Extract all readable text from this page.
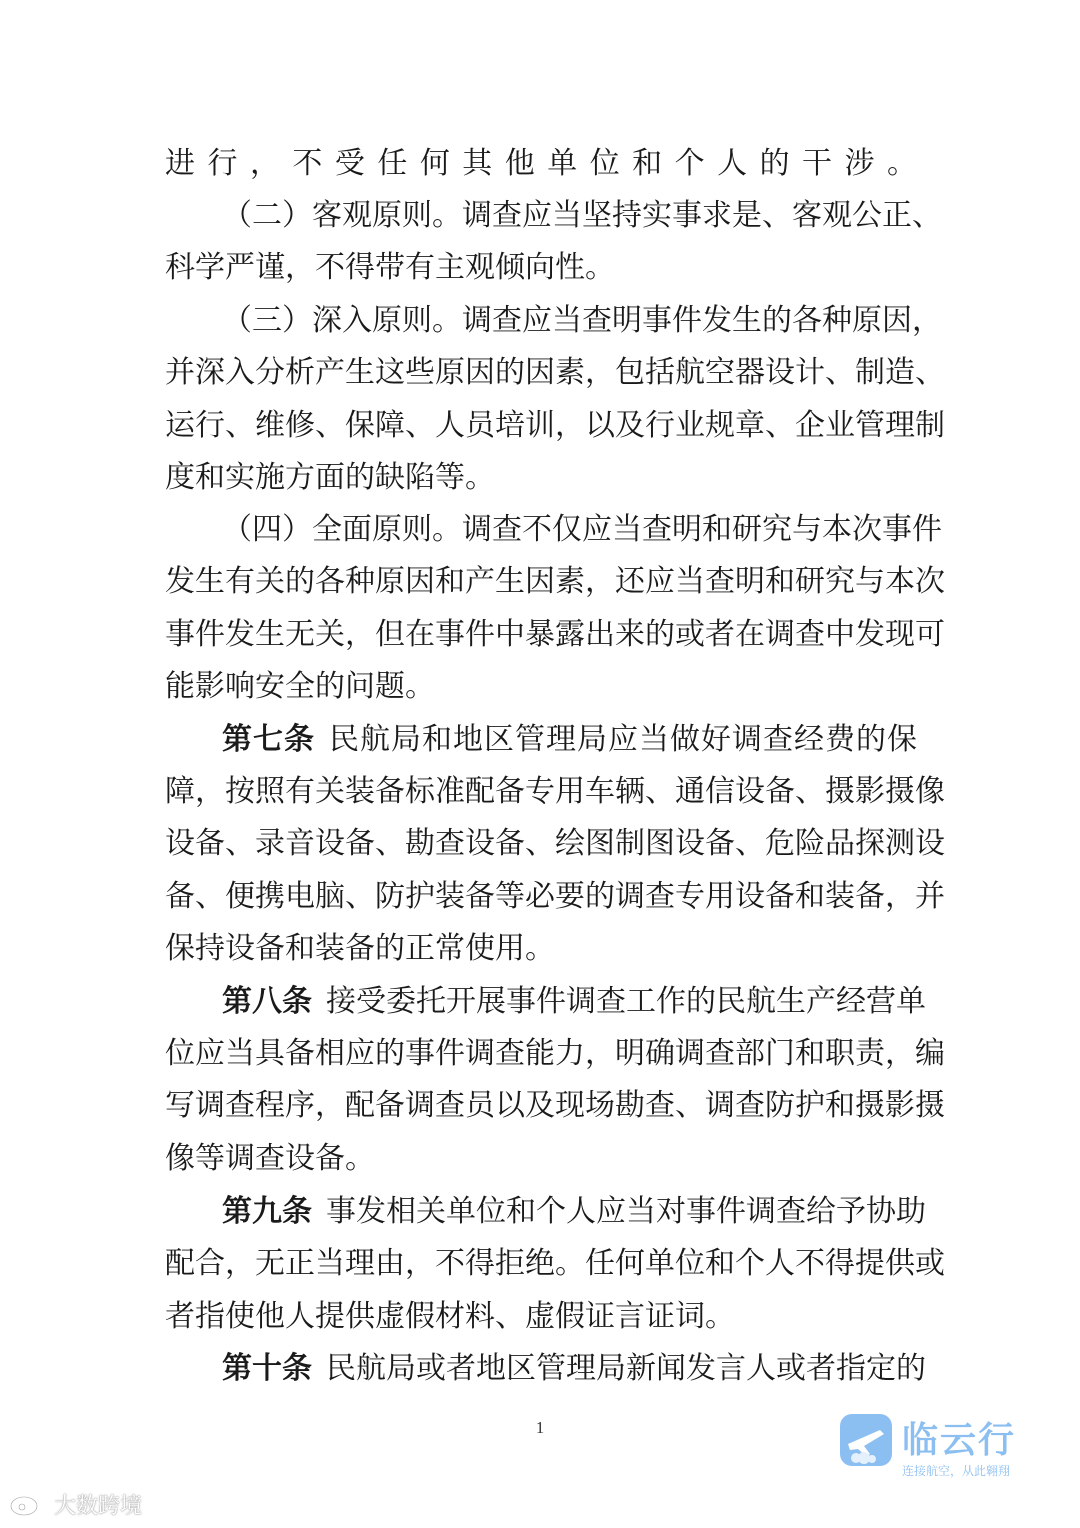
进行，不受任何其他单位和个人的干涉。
（二）客观原则。调查应当坚持实事求是、客观公正、
科学严谨，不得带有主观倾向性。
（三）深入原则。调查应当查明事件发生的各种原因，
并深入分析产生这些原因的因素，包括航空器设计、制造、
运行、维修、保障、人员培训，以及行业规章、企业管理制
度和实施方面的缺陷等。
（四）全面原则。调查不仅应当查明和研究与本次事件
发生有关的各种原因和产生因素，还应当查明和研究与本次
事件发生无关，但在事件中暴露出来的或者在调查中发现可
能影响安全的问题。
第七条 民航局和地区管理局应当做好调查经费的保
障，按照有关装备标准配备专用车辆、通信设备、摄影摄像
设备、录音设备、勘查设备、绘图制图设备、危险品探测设
备、便携电脑、防护装备等必要的调查专用设备和装备，并
保持设备和装备的正常使用。
第八条 接受委托开展事件调查工作的民航生产经营单
位应当具备相应的事件调查能力，明确调查部门和职责，编
写调查程序，配备调查员以及现场勘查、调查防护和摄影摄
像等调查设备。
第九条 事发相关单位和个人应当对事件调查给予协助
配合，无正当理由，不得拒绝。任何单位和个人不得提供或
者指使他人提供虚假材料、虚假证言证词。
第十条 民航局或者地区管理局新闻发言人或者指定的
1	临云行
连接航空，从此翱翔
大数跨境
